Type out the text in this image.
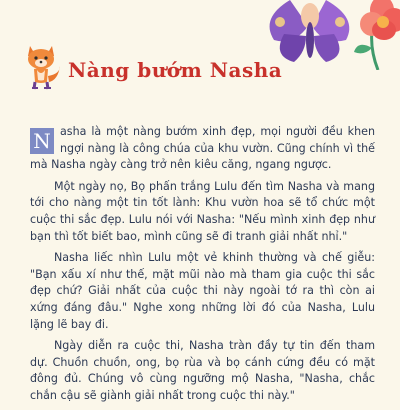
Nàng bướm Nasha

N asha là một nàng bướm xinh đẹp, mọi người đều khen ngợi nàng là công chúa của khu vườn. Cũng chính vì thế mà Nasha ngày càng trở nên kiêu căng, ngang ngược.

Một ngày nọ, Bọ phấn trắng Lulu đến tìm Nasha và mang tới cho nàng một tin tốt lành: Khu vườn hoa sẽ tổ chức một cuộc thi sắc đẹp. Lulu nói với Nasha: "Nếu mình xinh đẹp như bạn thì tốt biết bao, mình cũng sẽ đi tranh giải nhất nhỉ."

Nasha liếc nhìn Lulu một vẻ khinh thường và chế giễu: "Bạn xấu xí như thế, mặt mũi nào mà tham gia cuộc thi sắc đẹp chứ? Giải nhất của cuộc thi này ngoài tớ ra thì còn ai xứng đáng đâu." Nghe xong những lời đó của Nasha, Lulu lặng lẽ bay đi.

Ngày diễn ra cuộc thi, Nasha tràn đầy tự tin đến tham dự. Chuồn chuồn, ong, bọ rùa và bọ cánh cứng đều có mặt đông đủ. Chúng vô cùng ngưỡng mộ Nasha, "Nasha, chắc chắn cậu sẽ giành giải nhất trong cuộc thi này."
